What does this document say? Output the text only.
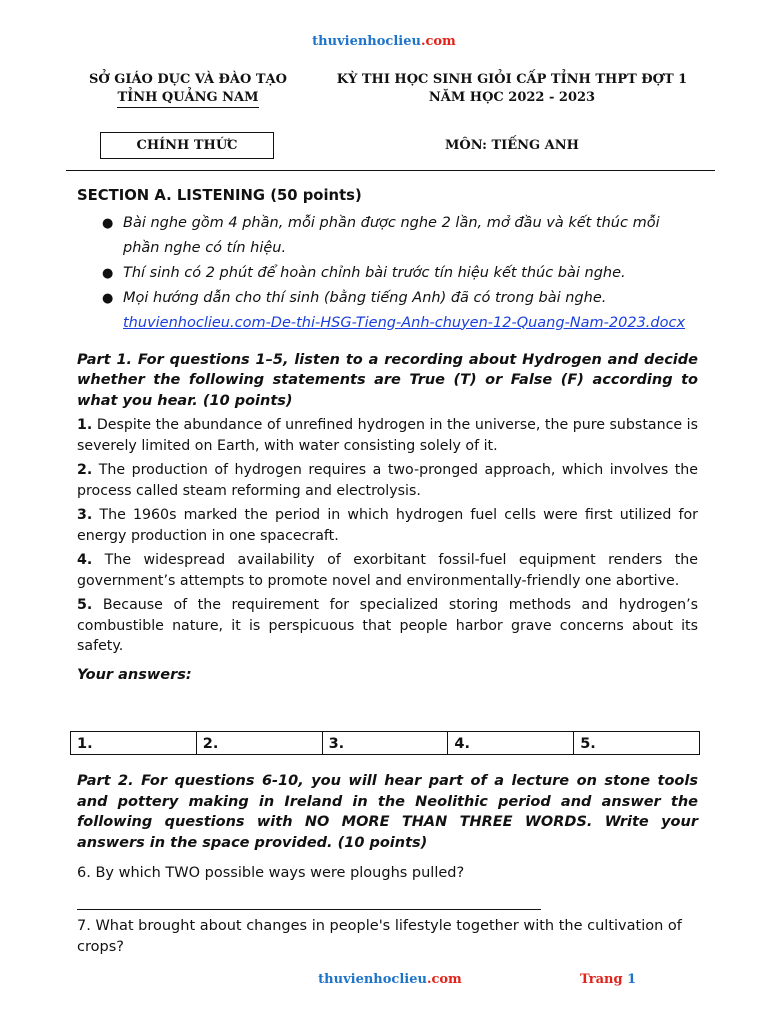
thuvienhoclieu.com
SỞ GIÁO DỤC VÀ ĐÀO TẠO
TỈNH QUẢNG NAM
KỲ THI HỌC SINH GIỎI CẤP TỈNH THPT ĐỢT 1
NĂM HỌC 2022 - 2023
CHÍNH THỨC	MÔN: TIẾNG ANH
SECTION A. LISTENING (50 points)
● Bài nghe gồm 4 phần, mỗi phần được nghe 2 lần, mở đầu và kết thúc mỗi phần nghe có tín hiệu.
● Thí sinh có 2 phút để hoàn chỉnh bài trước tín hiệu kết thúc bài nghe.
● Mọi hướng dẫn cho thí sinh (bằng tiếng Anh) đã có trong bài nghe.
thuvienhoclieu.com-De-thi-HSG-Tieng-Anh-chuyen-12-Quang-Nam-2023.docx
Part 1. For questions 1–5, listen to a recording about Hydrogen and decide whether the following statements are True (T) or False (F) according to what you hear. (10 points)
1. Despite the abundance of unrefined hydrogen in the universe, the pure substance is severely limited on Earth, with water consisting solely of it.
2. The production of hydrogen requires a two-pronged approach, which involves the process called steam reforming and electrolysis.
3. The 1960s marked the period in which hydrogen fuel cells were first utilized for energy production in one spacecraft.
4. The widespread availability of exorbitant fossil-fuel equipment renders the government’s attempts to promote novel and environmentally-friendly one abortive.
5. Because of the requirement for specialized storing methods and hydrogen’s combustible nature, it is perspicuous that people harbor grave concerns about its safety.
Your answers:
1.	2.	3.	4.	5.
Part 2. For questions 6-10, you will hear part of a lecture on stone tools and pottery making in Ireland in the Neolithic period and answer the following questions with NO MORE THAN THREE WORDS. Write your answers in the space provided. (10 points)
6. By which TWO possible ways were ploughs pulled?
7. What brought about changes in people's lifestyle together with the cultivation of crops?
thuvienhoclieu.com	Trang 1
